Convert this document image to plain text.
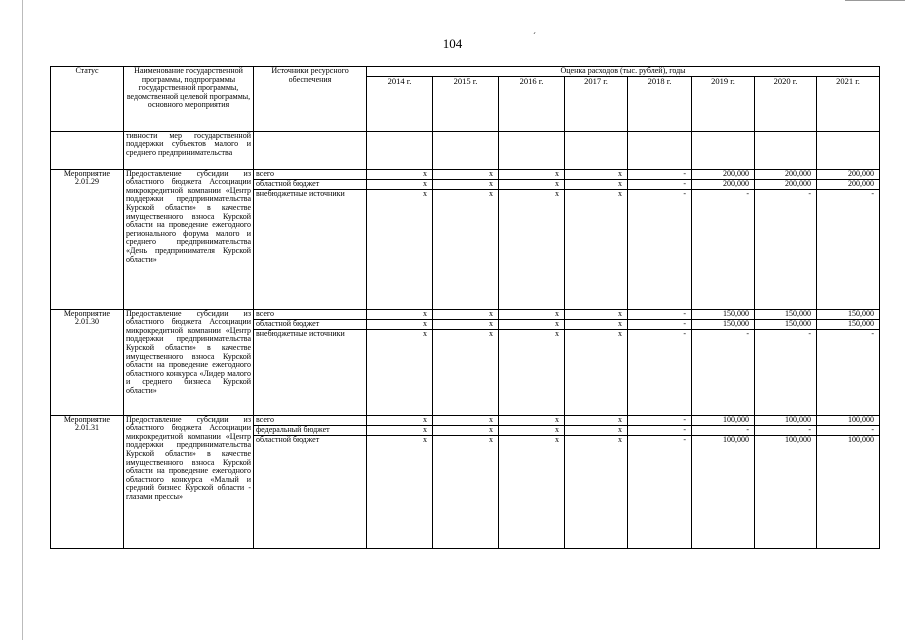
ˊ
104
Статус	Наименование государственной программы, подпрограммы государственной программы, ведомственной целевой программы, основного мероприятия	Источники ресурсного обеспечения	Оценка расходов (тыс. рублей), годы							
			2014 г.	2015 г.	2016 г.	2017 г.	2018 г.	2019 г.	2020 г.	2021 г.
	тивности мер государственной поддержки субъектов малого и среднего предпринимательства									
Мероприятие 2.01.29	Предоставление субсидии из областного бюджета Ассоциации микрокредитной компании «Центр поддержки предпринимательства Курской области» в качестве имущественного взноса Курской области на проведение ежегодного регионального форума малого и среднего предпринимательства «День предпринимателя Курской области»	всего	x	x	x	x	-	200,000	200,000	200,000
		областной бюджет	x	x	x	x	-	200,000	200,000	200,000
		внебюджетные источники	x	x	x	x	-	-	-	-
Мероприятие 2.01.30	Предоставление субсидии из областного бюджета Ассоциации микрокредитной компании «Центр поддержки предпринимательства Курской области» в качестве имущественного взноса Курской области на проведение ежегодного областного конкурса «Лидер малого и среднего бизнеса Курской области»	всего	x	x	x	x	-	150,000	150,000	150,000
		областной бюджет	x	x	x	x	-	150,000	150,000	150,000
		внебюджетные источники	x	x	x	x	-	-	-	-
Мероприятие 2.01.31	Предоставление субсидии из областного бюджета Ассоциации микрокредитной компании «Центр поддержки предпринимательства Курской области» в качестве имущественного взноса Курской области на проведение ежегодного областного конкурса «Малый и средний бизнес Курской области - глазами прессы»	всего	x	x	x	x	-	100,000	100,000	100,000
		федеральный бюджет	x	x	x	x	-	-	-	-
		областной бюджет	x	x	x	x	-	100,000	100,000	100,000
